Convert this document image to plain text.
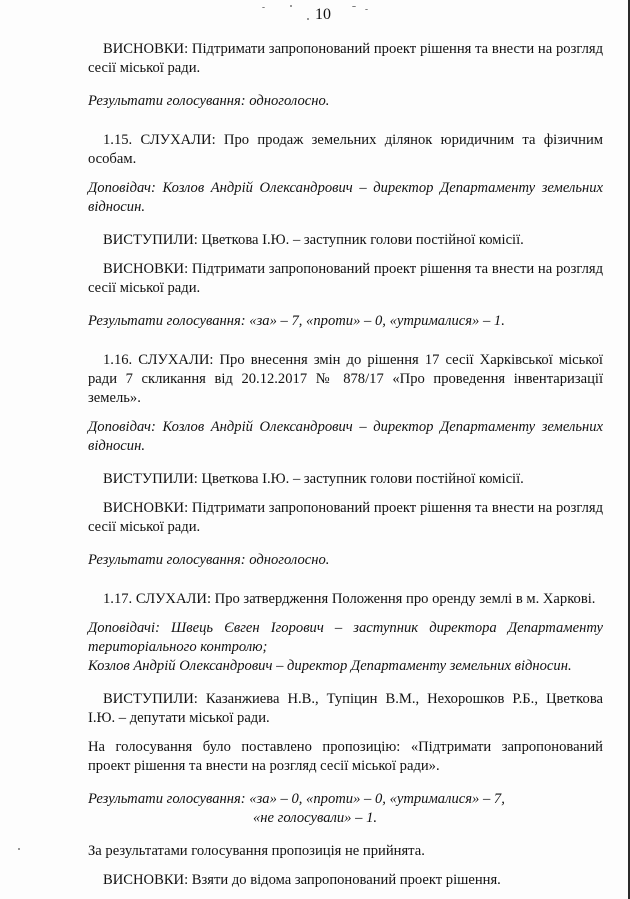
10

ВИСНОВКИ: Підтримати запропонований проект рішення та внести на розгляд сесії міської ради.

Результати голосування: одноголосно.

1.15. СЛУХАЛИ: Про продаж земельних ділянок юридичним та фізичним особам.

Доповідач: Козлов Андрій Олександрович – директор Департаменту земельних відносин.

ВИСТУПИЛИ: Цветкова І.Ю. – заступник голови постійної комісії.

ВИСНОВКИ: Підтримати запропонований проект рішення та внести на розгляд сесії міської ради.

Результати голосування: «за» – 7, «проти» – 0, «утрималися» – 1.

1.16. СЛУХАЛИ: Про внесення змін до рішення 17 сесії Харківської міської ради 7 скликання від 20.12.2017 № 878/17 «Про проведення інвентаризації земель».

Доповідач: Козлов Андрій Олександрович – директор Департаменту земельних відносин.

ВИСТУПИЛИ: Цветкова І.Ю. – заступник голови постійної комісії.

ВИСНОВКИ: Підтримати запропонований проект рішення та внести на розгляд сесії міської ради.

Результати голосування: одноголосно.

1.17. СЛУХАЛИ: Про затвердження Положення про оренду землі в м. Харкові.

Доповідачі: Швець Євген Ігорович – заступник директора Департаменту територіального контролю;

Козлов Андрій Олександрович – директор Департаменту земельних відносин.

ВИСТУПИЛИ: Казанжиева Н.В., Тупіцин В.М., Нехорошков Р.Б., Цветкова І.Ю. – депутати міської ради.

На голосування було поставлено пропозицію: «Підтримати запропонований проект рішення та внести на розгляд сесії міської ради».

Результати голосування: «за» – 0, «проти» – 0, «утрималися» – 7,

«не голосували» – 1.

За результатами голосування пропозиція не прийнята.

ВИСНОВКИ: Взяти до відома запропонований проект рішення.
